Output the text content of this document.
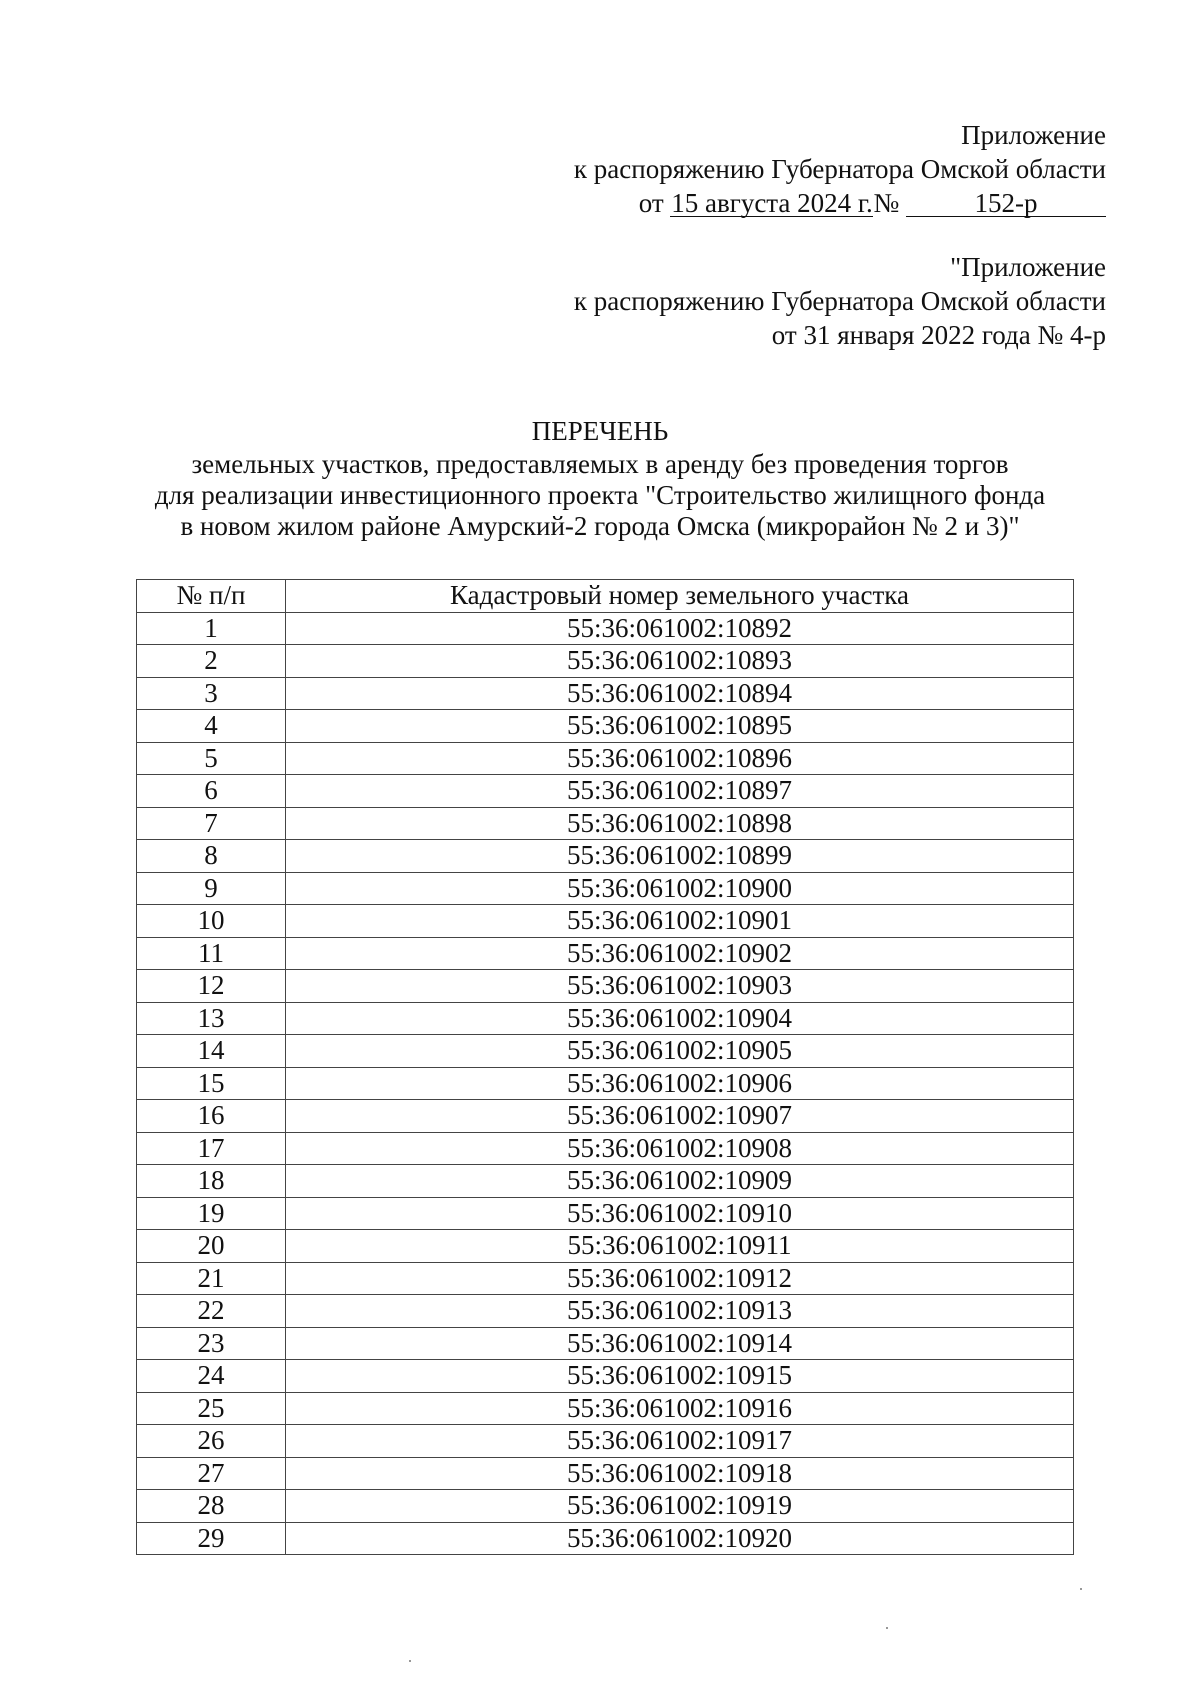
Приложение
к распоряжению Губернатора Омской области
от 15 августа 2024 г.№	152-р
"Приложение
к распоряжению Губернатора Омской области
от 31 января 2022 года № 4-р
ПЕРЕЧЕНЬ
земельных участков, предоставляемых в аренду без проведения торгов
для реализации инвестиционного проекта "Строительство жилищного фонда
в новом жилом районе Амурский-2 города Омска (микрорайон № 2 и 3)"
№ п/п	Кадастровый номер земельного участка
1	55:36:061002:10892
2	55:36:061002:10893
3	55:36:061002:10894
4	55:36:061002:10895
5	55:36:061002:10896
6	55:36:061002:10897
7	55:36:061002:10898
8	55:36:061002:10899
9	55:36:061002:10900
10	55:36:061002:10901
11	55:36:061002:10902
12	55:36:061002:10903
13	55:36:061002:10904
14	55:36:061002:10905
15	55:36:061002:10906
16	55:36:061002:10907
17	55:36:061002:10908
18	55:36:061002:10909
19	55:36:061002:10910
20	55:36:061002:10911
21	55:36:061002:10912
22	55:36:061002:10913
23	55:36:061002:10914
24	55:36:061002:10915
25	55:36:061002:10916
26	55:36:061002:10917
27	55:36:061002:10918
28	55:36:061002:10919
29	55:36:061002:10920
